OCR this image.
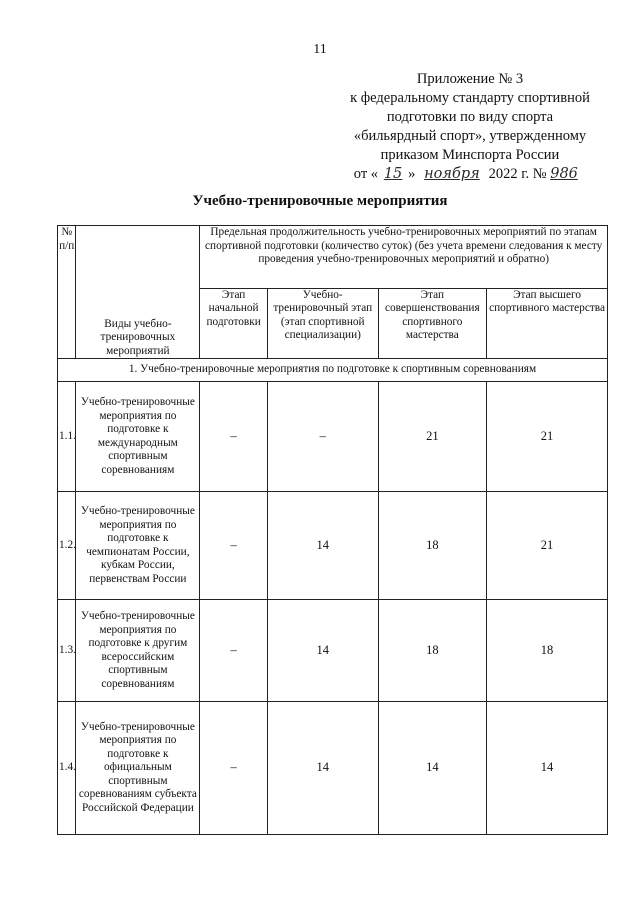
11
Приложение № 3
к федеральному стандарту спортивной
подготовки по виду спорта
«бильярдный спорт», утвержденному
приказом Минспорта России
от « 15 » ноября 2022 г. № 986
Учебно-тренировочные мероприятия
№ п/п	Виды учебно-тренировочных мероприятий	Предельная продолжительность учебно-тренировочных мероприятий по этапам спортивной подготовки (количество суток) (без учета времени следования к месту проведения учебно-тренировочных мероприятий и обратно)			
		Этап начальной подготовки	Учебно-тренировочный этап (этап спортивной специализации)	Этап совершенствования спортивного мастерства	Этап высшего спортивного мастерства
1. Учебно-тренировочные мероприятия по подготовке к спортивным соревнованиям					
1.1.	Учебно-тренировочные мероприятия по подготовке к международным спортивным соревнованиям	–	–	21	21
1.2.	Учебно-тренировочные мероприятия по подготовке к чемпионатам России, кубкам России, первенствам России	–	14	18	21
1.3.	Учебно-тренировочные мероприятия по подготовке к другим всероссийским спортивным соревнованиям	–	14	18	18
1.4.	Учебно-тренировочные мероприятия по подготовке к официальным спортивным соревнованиям субъекта Российской Федерации	–	14	14	14
